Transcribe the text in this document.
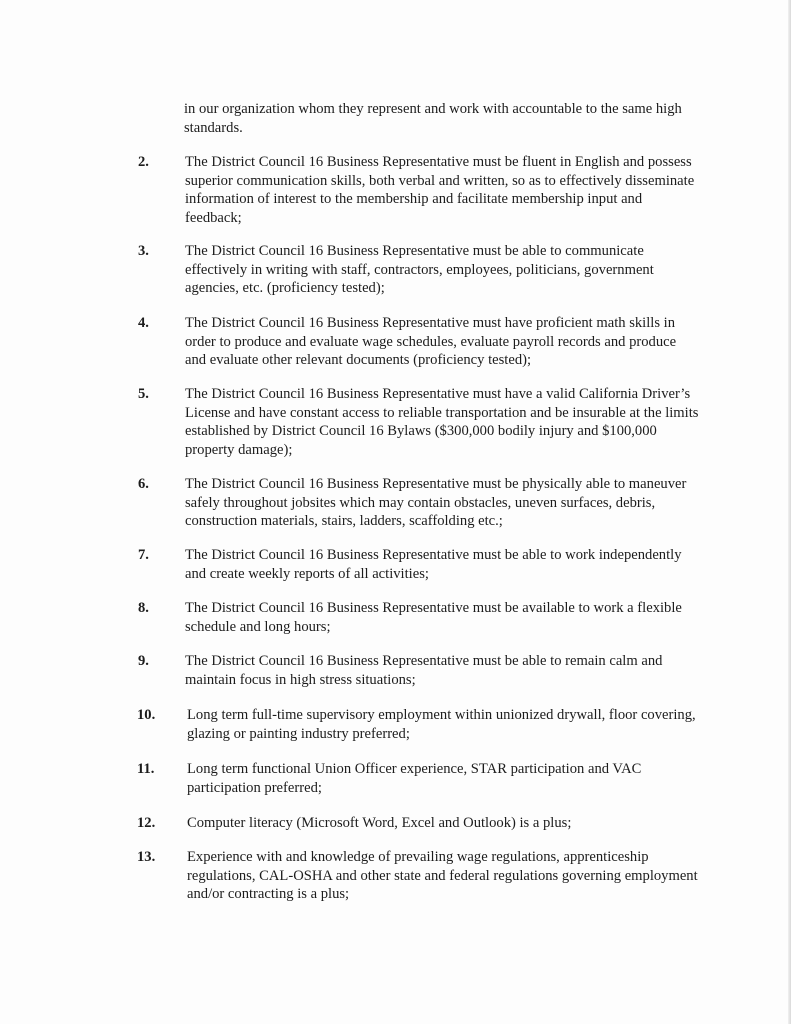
in our organization whom they represent and work with accountable to the same high standards.
2. The District Council 16 Business Representative must be fluent in English and possess superior communication skills, both verbal and written, so as to effectively disseminate information of interest to the membership and facilitate membership input and feedback;
3. The District Council 16 Business Representative must be able to communicate effectively in writing with staff, contractors, employees, politicians, government agencies, etc. (proficiency tested);
4. The District Council 16 Business Representative must have proficient math skills in order to produce and evaluate wage schedules, evaluate payroll records and produce and evaluate other relevant documents (proficiency tested);
5. The District Council 16 Business Representative must have a valid California Driver’s License and have constant access to reliable transportation and be insurable at the limits established by District Council 16 Bylaws ($300,000 bodily injury and $100,000 property damage);
6. The District Council 16 Business Representative must be physically able to maneuver safely throughout jobsites which may contain obstacles, uneven surfaces, debris, construction materials, stairs, ladders, scaffolding etc.;
7. The District Council 16 Business Representative must be able to work independently and create weekly reports of all activities;
8. The District Council 16 Business Representative must be available to work a flexible schedule and long hours;
9. The District Council 16 Business Representative must be able to remain calm and maintain focus in high stress situations;
10. Long term full-time supervisory employment within unionized drywall, floor covering, glazing or painting industry preferred;
11. Long term functional Union Officer experience, STAR participation and VAC participation preferred;
12. Computer literacy (Microsoft Word, Excel and Outlook) is a plus;
13. Experience with and knowledge of prevailing wage regulations, apprenticeship regulations, CAL-OSHA and other state and federal regulations governing employment and/or contracting is a plus;
